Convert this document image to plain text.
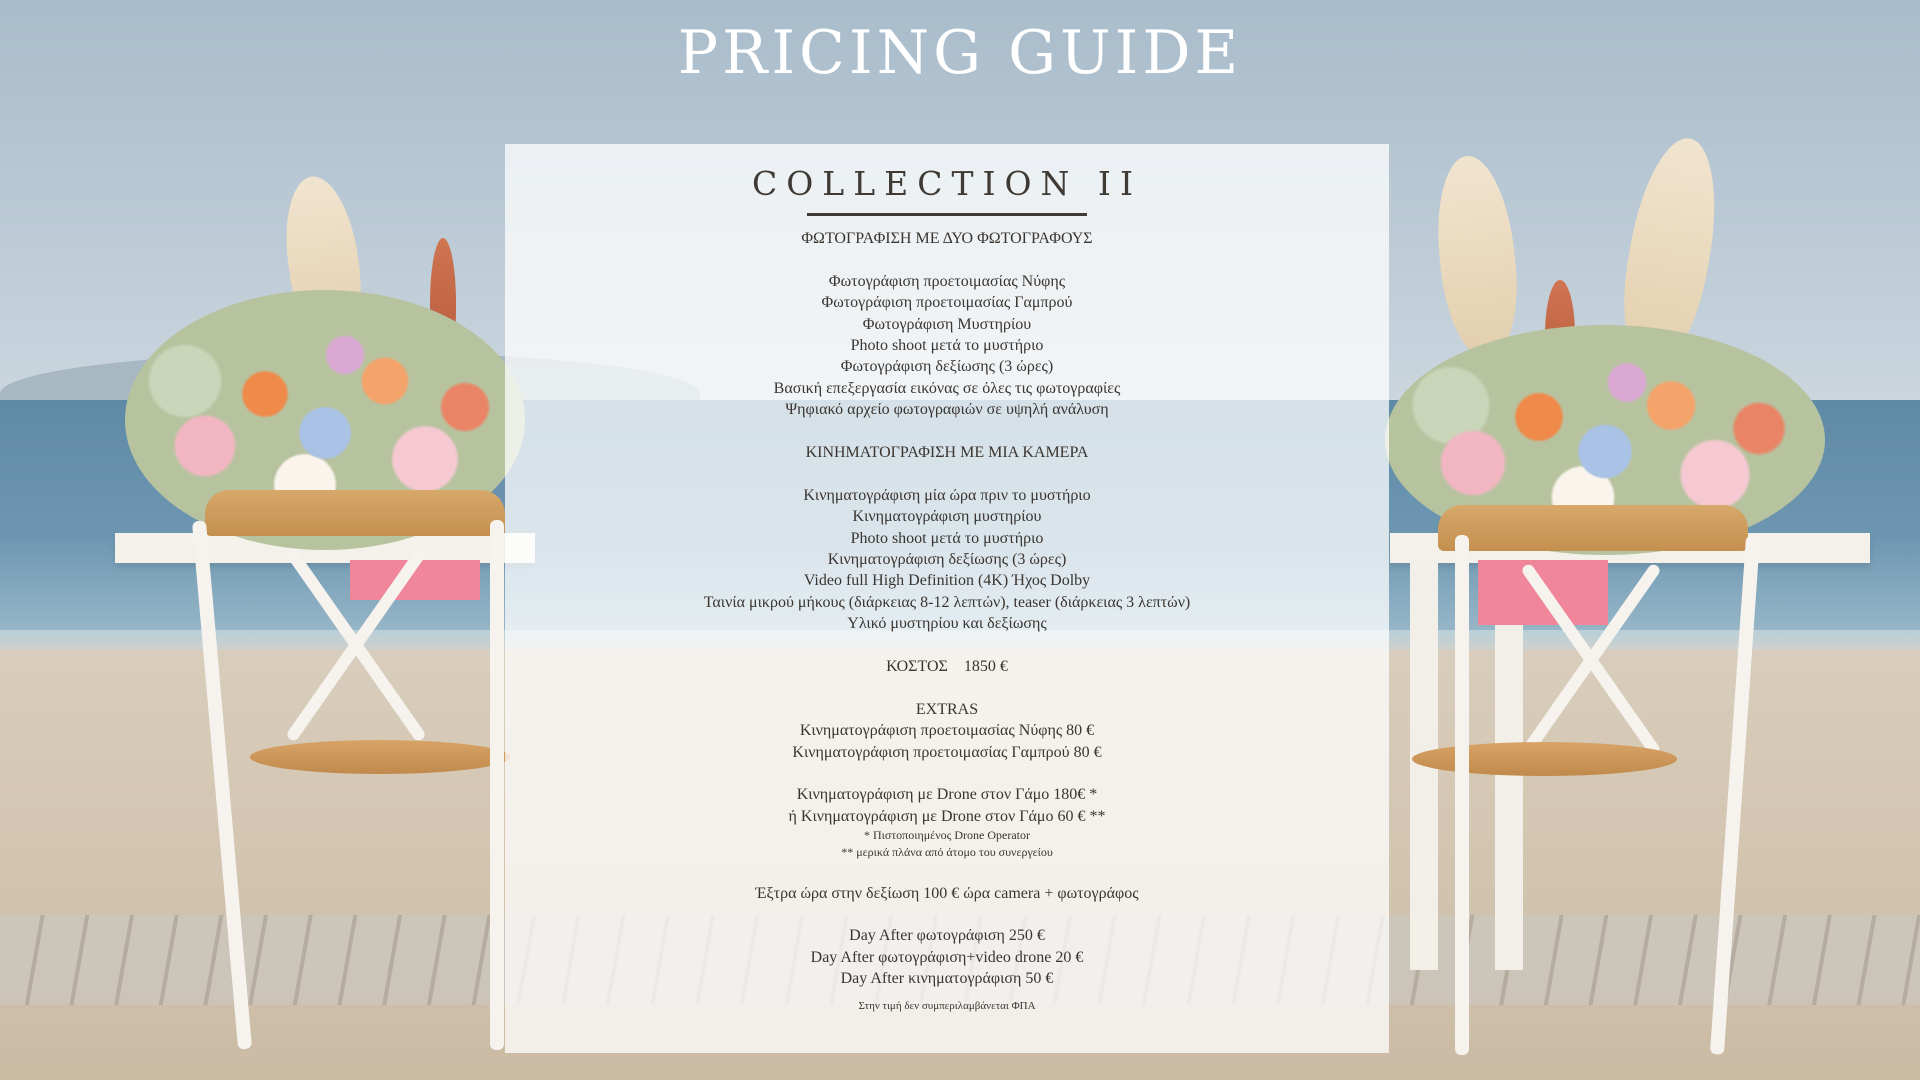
PRICING GUIDE
COLLECTION II
ΦΩΤΟΓΡΑΦΙΣΗ ΜΕ ΔΥΟ ΦΩΤΟΓΡΑΦΟΥΣ
Φωτογράφιση προετοιμασίας Νύφης
Φωτογράφιση προετοιμασίας Γαμπρού
Φωτογράφιση Μυστηρίου
Photo shoot μετά το μυστήριο
Φωτογράφιση δεξίωσης (3 ώρες)
Βασική επεξεργασία εικόνας σε όλες τις φωτογραφίες
Ψηφιακό αρχείο φωτογραφιών σε υψηλή ανάλυση
ΚΙΝΗΜΑΤΟΓΡΑΦΙΣΗ ΜΕ ΜΙΑ ΚΑΜΕΡΑ
Κινηματογράφιση μία ώρα πριν το μυστήριο
Κινηματογράφιση μυστηρίου
Photo shoot μετά το μυστήριο
Κινηματογράφιση δεξίωσης (3 ώρες)
Video full High Definition (4K) Ήχος Dolby
Ταινία μικρού μήκους (διάρκειας 8-12 λεπτών), teaser (διάρκειας 3 λεπτών)
Υλικό μυστηρίου και δεξίωσης
ΚΟΣΤΟΣ    1850 €
EXTRAS
Κινηματογράφιση προετοιμασίας Νύφης 80 €
Κινηματογράφιση προετοιμασίας Γαμπρού 80 €
Κινηματογράφιση με Drone στον Γάμο 180€ *
ή Κινηματογράφιση με Drone στον Γάμο 60 € **
* Πιστοποιημένος Drone Operator
** μερικά πλάνα από άτομο του συνεργείου
Έξτρα ώρα στην δεξίωση 100 € ώρα camera + φωτογράφος
Day After φωτογράφιση 250 €
Day After φωτογράφιση+video drone 20 €
Day After κινηματογράφιση 50 €
Στην τιμή δεν συμπεριλαμβάνεται ΦΠΑ
